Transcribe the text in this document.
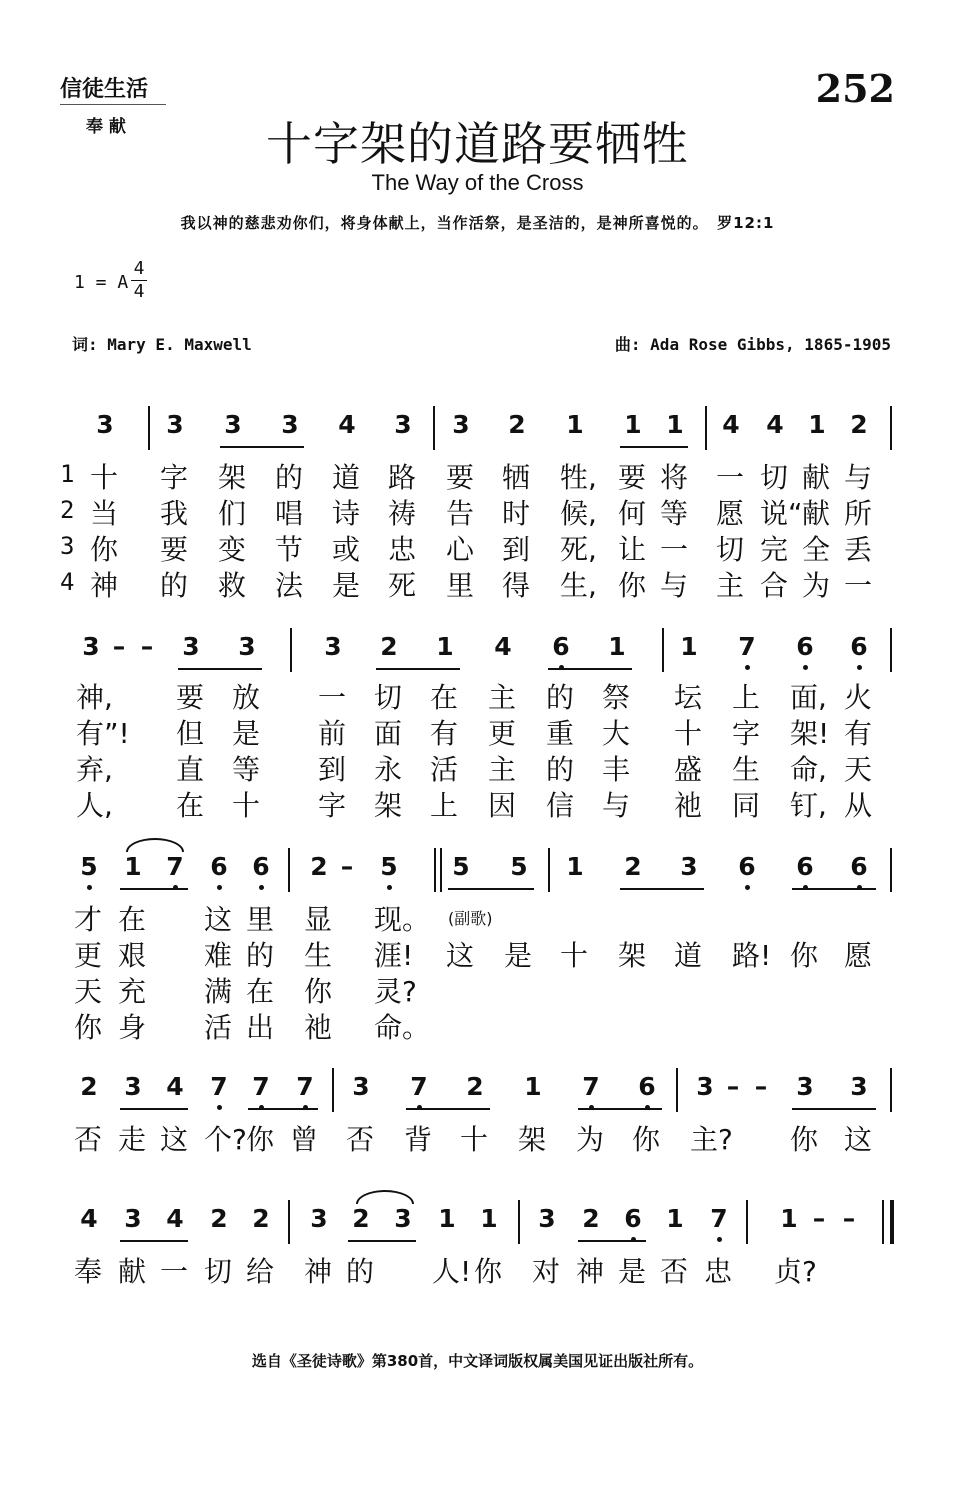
信徒生活
奉 献
252
十字架的道路要牺牲
The Way of the Cross
我以神的慈悲劝你们，将身体献上，当作活祭，是圣洁的，是神所喜悦的。　罗12:1
1 = A
4
4
词: Mary E. Maxwell	曲: Ada Rose Gibbs, 1865-1905
3 3 3 3 4 3 3 2 1 1 1 4 4 1 2
1 十 字 架 的 道 路 要 牺 牲, 要 将 一 切 献 与
2 当 我 们 唱 诗 祷 告 时 候, 何 等 愿 说“ 献 所
3 你 要 变 节 或 忠 心 到 死, 让 一 切 完 全 丢
4 神 的 救 法 是 死 里 得 生, 你 与 主 合 为 一
3 – –	3 3	3 2 1 4 6 1 1 7 6 6
神, 要 放 一 切 在 主 的 祭 坛 上 面, 火
有”! 但 是 前 面 有 更 重 大 十 字 架! 有
弃, 直 等 到 永 活 主 的 丰 盛 生 命, 天
人, 在 十 字 架 上 因 信 与 祂 同 钉, 从
5 1 7 6 6 2 –	5 5 5 1 2 3 6 6 6
才 在 这 里 显 现。 (副歌)
更 艰 难 的 生 涯! 这 是 十 架 道 路! 你 愿
天 充 满 在 你 灵?
你 身 活 出 祂 命。
2 3 4 7 7 7 3 7 2 1 7 6 3 – –	3 3
否 走 这 个? 你 曾 否 背 十 架 为 你 主? 你 这
4 3 4 2 2 3 2 3 1 1 3 2 6 1 7 1 – –
奉 献 一 切 给 神 的 人! 你 对 神 是 否 忠 贞?
选自《圣徒诗歌》第380首，中文译词版权属美国见证出版社所有。
